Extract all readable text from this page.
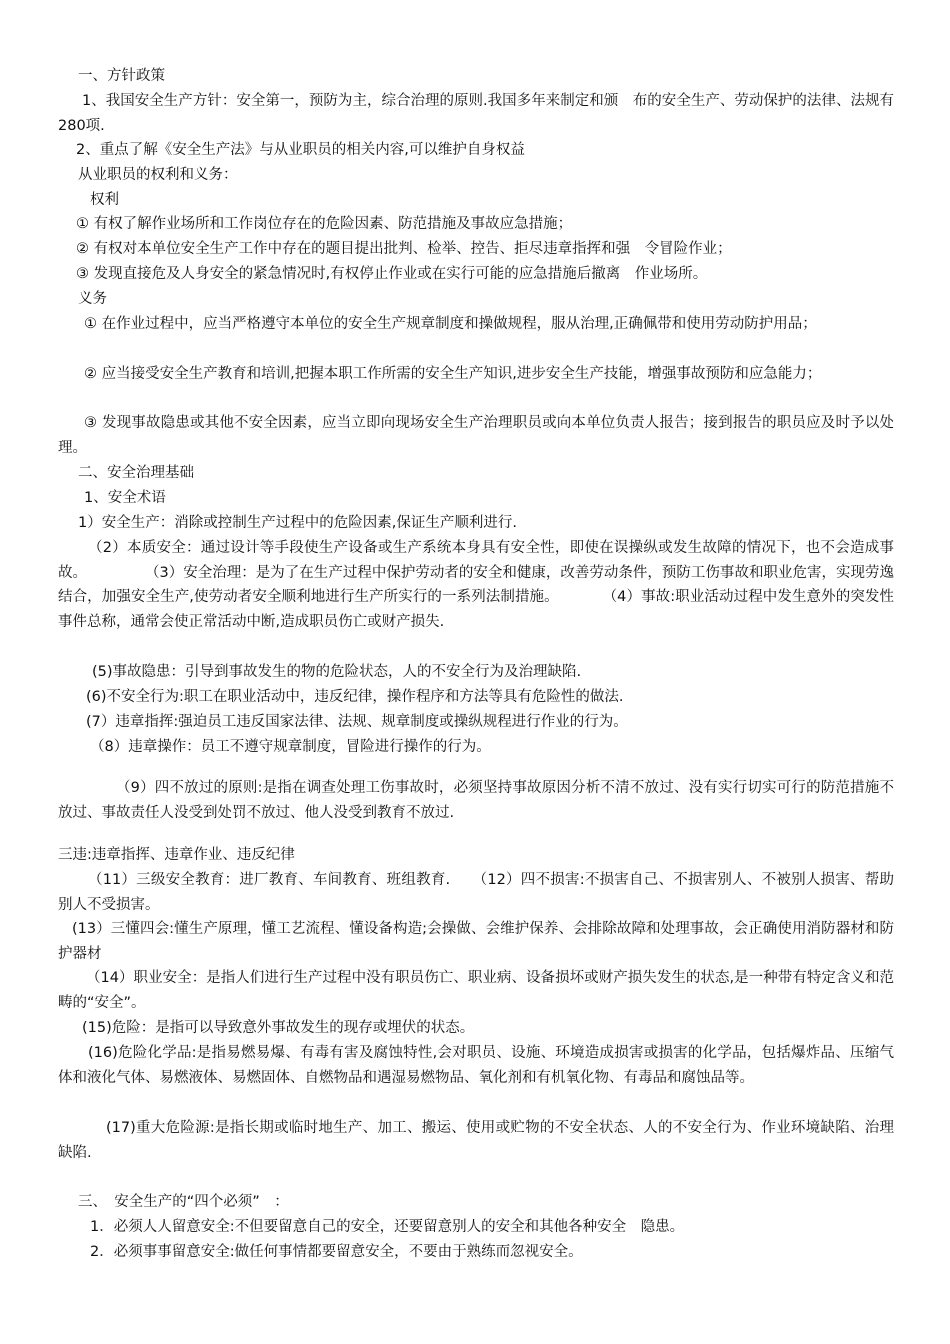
一、方针政策
1、我国安全生产方针：安全第一，预防为主，综合治理的原则.我国多年来制定和颁　布的安全生产、劳动保护的法律、法规有280项.
2、重点了解《安全生产法》与从业职员的相关内容,可以维护自身权益
从业职员的权利和义务：
权利
① 有权了解作业场所和工作岗位存在的危险因素、防范措施及事故应急措施；
② 有权对本单位安全生产工作中存在的题目提出批判、检举、控告、拒尽违章指挥和强　令冒险作业；
③ 发现直接危及人身安全的紧急情况时,有权停止作业或在实行可能的应急措施后撤离　作业场所。
义务
① 在作业过程中，应当严格遵守本单位的安全生产规章制度和操做规程，服从治理,正确佩带和使用劳动防护用品；
② 应当接受安全生产教育和培训,把握本职工作所需的安全生产知识,进步安全生产技能，增强事故预防和应急能力；
③ 发现事故隐患或其他不安全因素，应当立即向现场安全生产治理职员或向本单位负责人报告；接到报告的职员应及时予以处理。
二、安全治理基础
1、安全术语
1）安全生产：消除或控制生产过程中的危险因素,保证生产顺利进行.
（2）本质安全：通过设计等手段使生产设备或生产系统本身具有安全性，即使在误操纵或发生故障的情况下，也不会造成事故。　　　　　（3）安全治理：是为了在生产过程中保护劳动者的安全和健康，改善劳动条件，预防工伤事故和职业危害，实现劳逸结合，加强安全生产,使劳动者安全顺利地进行生产所实行的一系列法制措施。　　　　（4）事故:职业活动过程中发生意外的突发性事件总称，通常会使正常活动中断,造成职员伤亡或财产损失.
(5)事故隐患：引导到事故发生的物的危险状态，人的不安全行为及治理缺陷.
(6)不安全行为:职工在职业活动中，违反纪律，操作程序和方法等具有危险性的做法.
(7）违章指挥:强迫员工违反国家法律、法规、规章制度或操纵规程进行作业的行为。
（8）违章操作：员工不遵守规章制度，冒险进行操作的行为。
（9）四不放过的原则:是指在调查处理工伤事故时，必须坚持事故原因分析不清不放过、没有实行切实可行的防范措施不放过、事故责任人没受到处罚不放过、他人没受到教育不放过.
三违:违章指挥、违章作业、违反纪律
（11）三级安全教育：进厂教育、车间教育、班组教育.　　（12）四不损害:不损害自己、不损害别人、不被别人损害、帮助别人不受损害。
(13）三懂四会:懂生产原理，懂工艺流程、懂设备构造;会操做、会维护保养、会排除故障和处理事故，会正确使用消防器材和防护器材
（14）职业安全：是指人们进行生产过程中没有职员伤亡、职业病、设备损坏或财产损失发生的状态,是一种带有特定含义和范畴的“安全”。
(15)危险：是指可以导致意外事故发生的现存或埋伏的状态。
(16)危险化学品:是指易燃易爆、有毒有害及腐蚀特性,会对职员、设施、环境造成损害或损害的化学品，包括爆炸品、压缩气体和液化气体、易燃液体、易燃固体、自燃物品和遇湿易燃物品、氧化剂和有机氧化物、有毒品和腐蚀品等。
(17)重大危险源:是指长期或临时地生产、加工、搬运、使用或贮物的不安全状态、人的不安全行为、作业环境缺陷、治理缺陷.
三、　安全生产的“四个必须”　：
1．必须人人留意安全:不但要留意自己的安全，还要留意别人的安全和其他各种安全　隐患。
2．必须事事留意安全:做任何事情都要留意安全，不要由于熟练而忽视安全。
